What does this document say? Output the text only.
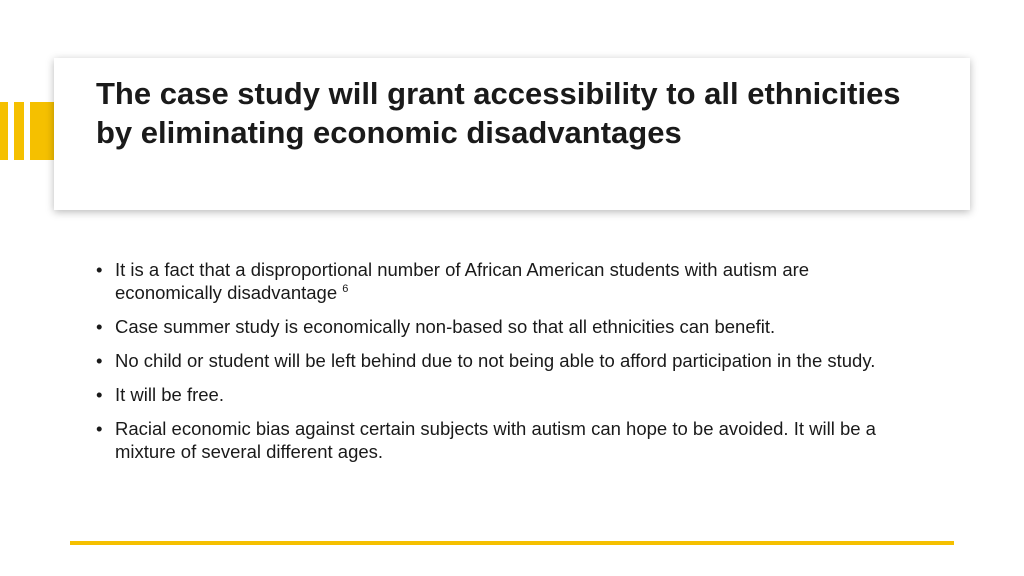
The case study will grant accessibility to all ethnicities by eliminating economic disadvantages
• It is a fact that a disproportional number of African American students with autism are economically disadvantage $^6$
• Case summer study is economically non-based so that all ethnicities can benefit.
• No child or student will be left behind due to not being able to afford participation in the study.
• It will be free.
• Racial economic bias against certain subjects with autism can hope to be avoided. It will be a mixture of several different ages.
